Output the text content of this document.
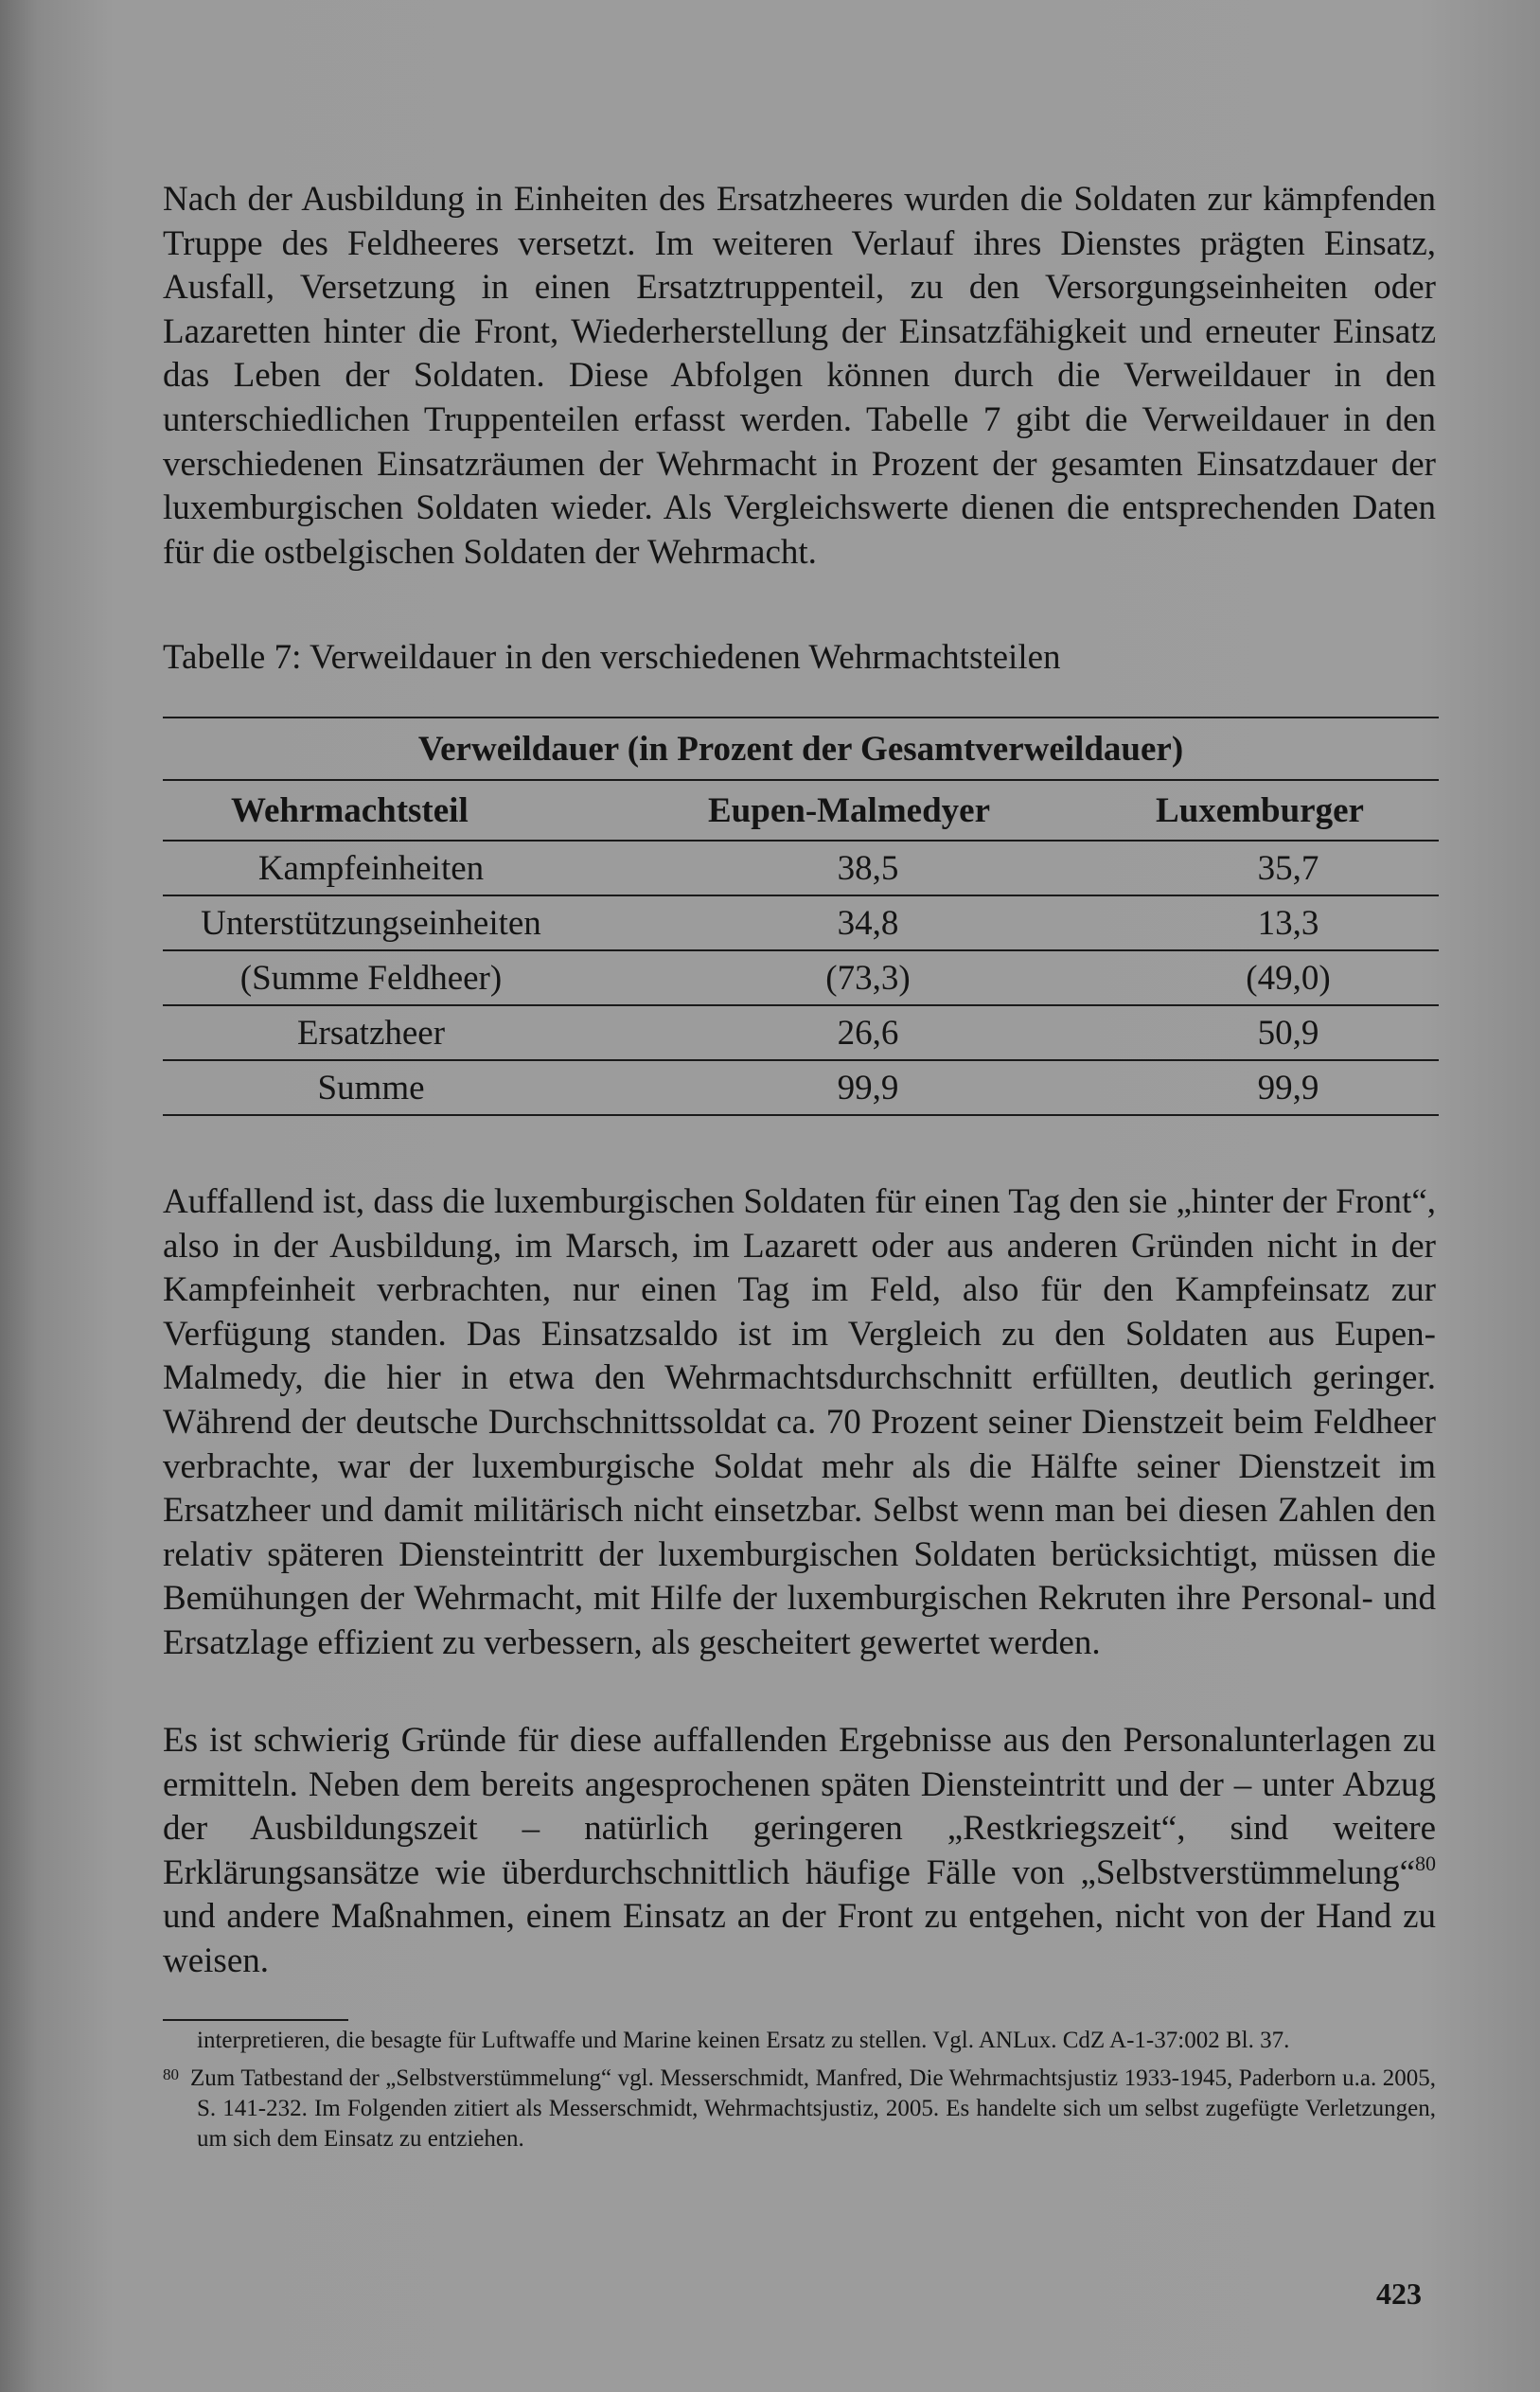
Nach der Ausbildung in Einheiten des Ersatzheeres wurden die Soldaten zur kämpfenden Truppe des Feldheeres versetzt. Im weiteren Verlauf ihres Dienstes prägten Einsatz, Ausfall, Versetzung in einen Ersatztruppenteil, zu den Versorgungseinheiten oder Lazaretten hinter die Front, Wiederherstellung der Einsatzfähigkeit und erneuter Einsatz das Leben der Soldaten. Diese Abfolgen können durch die Verweildauer in den unterschiedlichen Truppenteilen erfasst werden. Tabelle 7 gibt die Verweildauer in den verschiedenen Einsatzräumen der Wehrmacht in Prozent der gesamten Einsatzdauer der luxemburgischen Soldaten wieder. Als Vergleichswerte dienen die entsprechenden Daten für die ostbelgischen Soldaten der Wehrmacht.

Tabelle 7: Verweildauer in den verschiedenen Wehrmachtsteilen

Verweildauer (in Prozent der Gesamtverweildauer)		
Wehrmachtsteil	Eupen-Malmedyer	Luxemburger
Kampfeinheiten	38,5	35,7
Unterstützungseinheiten	34,8	13,3
(Summe Feldheer)	(73,3)	(49,0)
Ersatzheer	26,6	50,9
Summe	99,9	99,9

Auffallend ist, dass die luxemburgischen Soldaten für einen Tag den sie „hinter der Front“, also in der Ausbildung, im Marsch, im Lazarett oder aus anderen Gründen nicht in der Kampfeinheit verbrachten, nur einen Tag im Feld, also für den Kampfeinsatz zur Verfügung standen. Das Einsatzsaldo ist im Vergleich zu den Soldaten aus Eupen-Malmedy, die hier in etwa den Wehrmachtsdurchschnitt erfüllten, deutlich geringer. Während der deutsche Durchschnittssoldat ca. 70 Prozent seiner Dienstzeit beim Feldheer verbrachte, war der luxemburgische Soldat mehr als die Hälfte seiner Dienstzeit im Ersatzheer und damit militärisch nicht einsetzbar. Selbst wenn man bei diesen Zahlen den relativ späteren Diensteintritt der luxemburgischen Soldaten berücksichtigt, müssen die Bemühungen der Wehrmacht, mit Hilfe der luxemburgischen Rekruten ihre Personal- und Ersatzlage effizient zu verbessern, als gescheitert gewertet werden.

Es ist schwierig Gründe für diese auffallenden Ergebnisse aus den Personalunterlagen zu ermitteln. Neben dem bereits angesprochenen späten Diensteintritt und der – unter Abzug der Ausbildungszeit – natürlich geringeren „Restkriegszeit“, sind weitere Erklärungsansätze wie überdurchschnittlich häufige Fälle von „Selbstverstümmelung“$^{80}$ und andere Maßnahmen, einem Einsatz an der Front zu entgehen, nicht von der Hand zu weisen.

interpretieren, die besagte für Luftwaffe und Marine keinen Ersatz zu stellen. Vgl. ANLux. CdZ A-1-37:002 Bl. 37.

$^{80}$ Zum Tatbestand der „Selbstverstümmelung“ vgl. Messerschmidt, Manfred, Die Wehrmachtsjustiz 1933-1945, Paderborn u.a. 2005, S. 141-232. Im Folgenden zitiert als Messerschmidt, Wehrmachtsjustiz, 2005. Es handelte sich um selbst zugefügte Verletzungen, um sich dem Einsatz zu entziehen.

423
